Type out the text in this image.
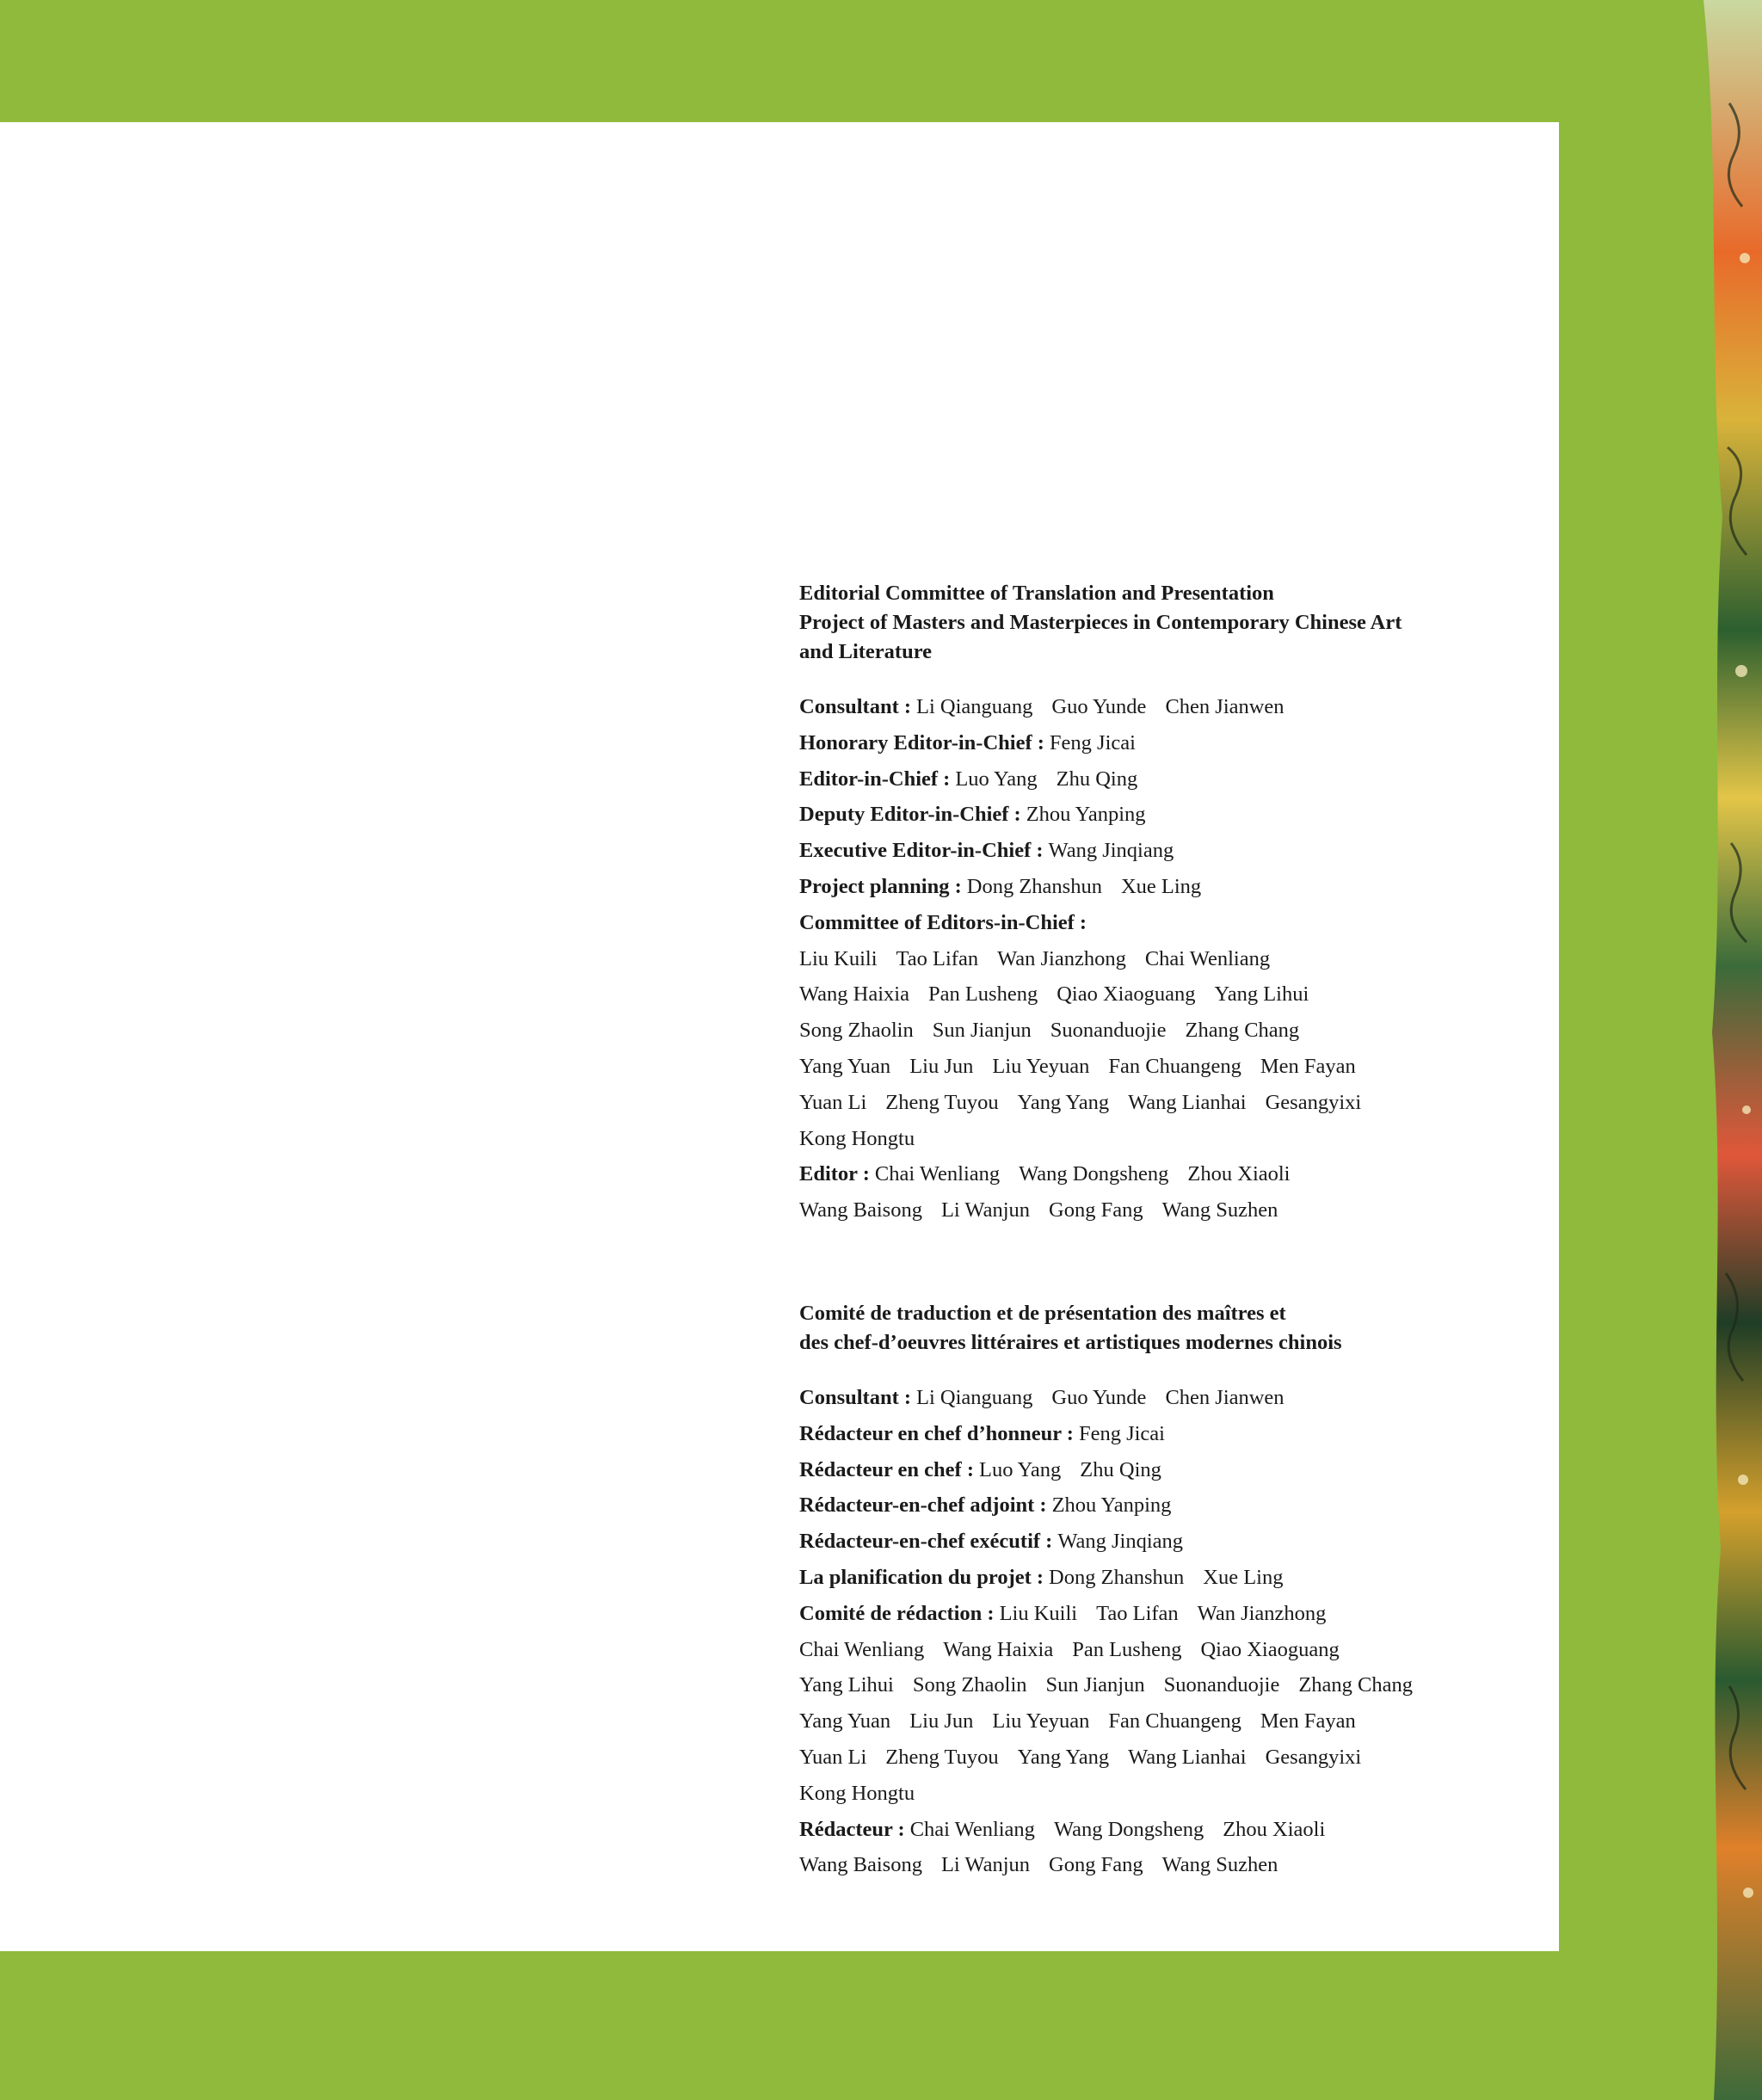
Editorial Committee of Translation and Presentation
Project of Masters and Masterpieces in Contemporary Chinese Art
and Literature
Consultant : Li Qianguang Guo Yunde Chen Jianwen
Honorary Editor-in-Chief : Feng Jicai
Editor-in-Chief : Luo Yang Zhu Qing
Deputy Editor-in-Chief : Zhou Yanping
Executive Editor-in-Chief : Wang Jinqiang
Project planning : Dong Zhanshun Xue Ling
Committee of Editors-in-Chief :
Liu Kuili Tao Lifan Wan Jianzhong Chai Wenliang
Wang Haixia Pan Lusheng Qiao Xiaoguang Yang Lihui
Song Zhaolin Sun Jianjun Suonanduojie Zhang Chang
Yang Yuan Liu Jun Liu Yeyuan Fan Chuangeng Men Fayan
Yuan Li Zheng Tuyou Yang Yang Wang Lianhai Gesangyixi
Kong Hongtu
Editor : Chai Wenliang Wang Dongsheng Zhou Xiaoli
Wang Baisong Li Wanjun Gong Fang Wang Suzhen
Comité de traduction et de présentation des maîtres et
des chef-d’oeuvres littéraires et artistiques modernes chinois
Consultant : Li Qianguang Guo Yunde Chen Jianwen
Rédacteur en chef d’honneur : Feng Jicai
Rédacteur en chef : Luo Yang Zhu Qing
Rédacteur-en-chef adjoint : Zhou Yanping
Rédacteur-en-chef exécutif : Wang Jinqiang
La planification du projet : Dong Zhanshun Xue Ling
Comité de rédaction : Liu Kuili Tao Lifan Wan Jianzhong
Chai Wenliang Wang Haixia Pan Lusheng Qiao Xiaoguang
Yang Lihui Song Zhaolin Sun Jianjun Suonanduojie Zhang Chang
Yang Yuan Liu Jun Liu Yeyuan Fan Chuangeng Men Fayan
Yuan Li Zheng Tuyou Yang Yang Wang Lianhai Gesangyixi
Kong Hongtu
Rédacteur : Chai Wenliang Wang Dongsheng Zhou Xiaoli
Wang Baisong Li Wanjun Gong Fang Wang Suzhen
